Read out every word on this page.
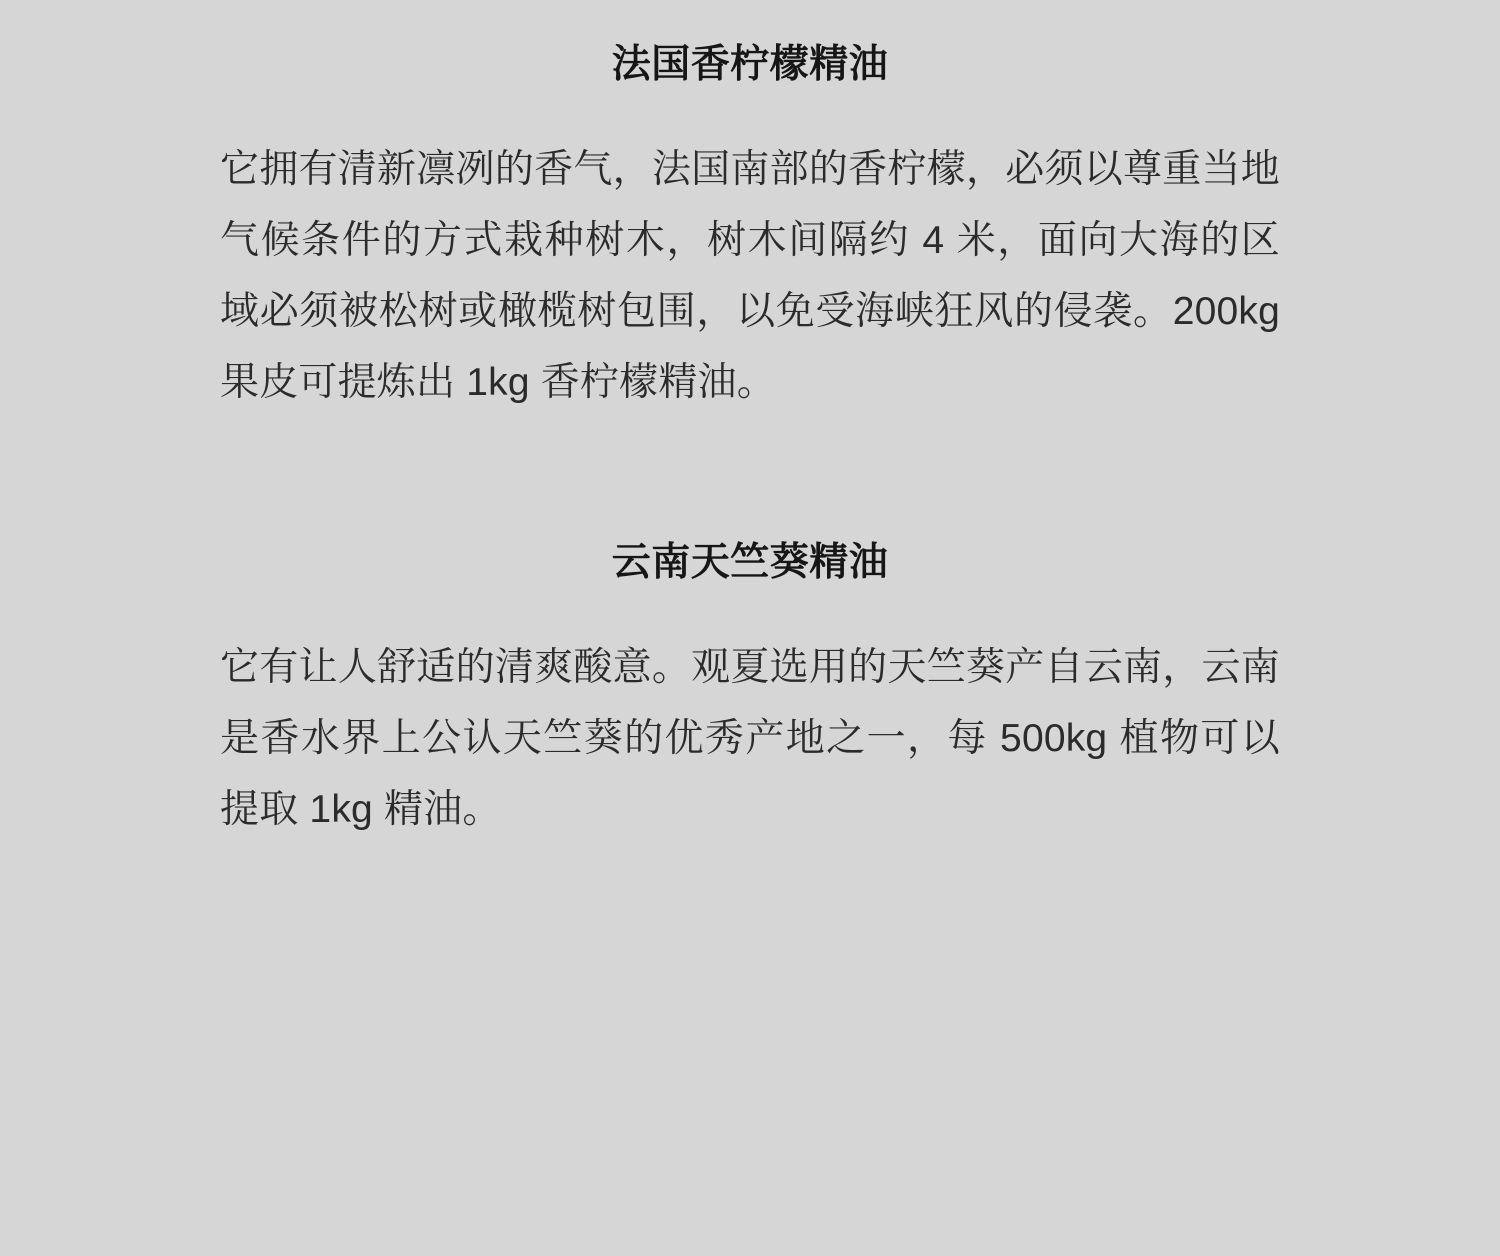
法国香柠檬精油

它拥有清新凛冽的香气，法国南部的香柠檬，必须以尊重当地气候条件的方式栽种树木，树木间隔约 4 米，面向大海的区域必须被松树或橄榄树包围，以免受海峡狂风的侵袭。200kg 果皮可提炼出 1kg 香柠檬精油。

云南天竺葵精油

它有让人舒适的清爽酸意。观夏选用的天竺葵产自云南，云南是香水界上公认天竺葵的优秀产地之一，每 500kg 植物可以提取 1kg 精油。
